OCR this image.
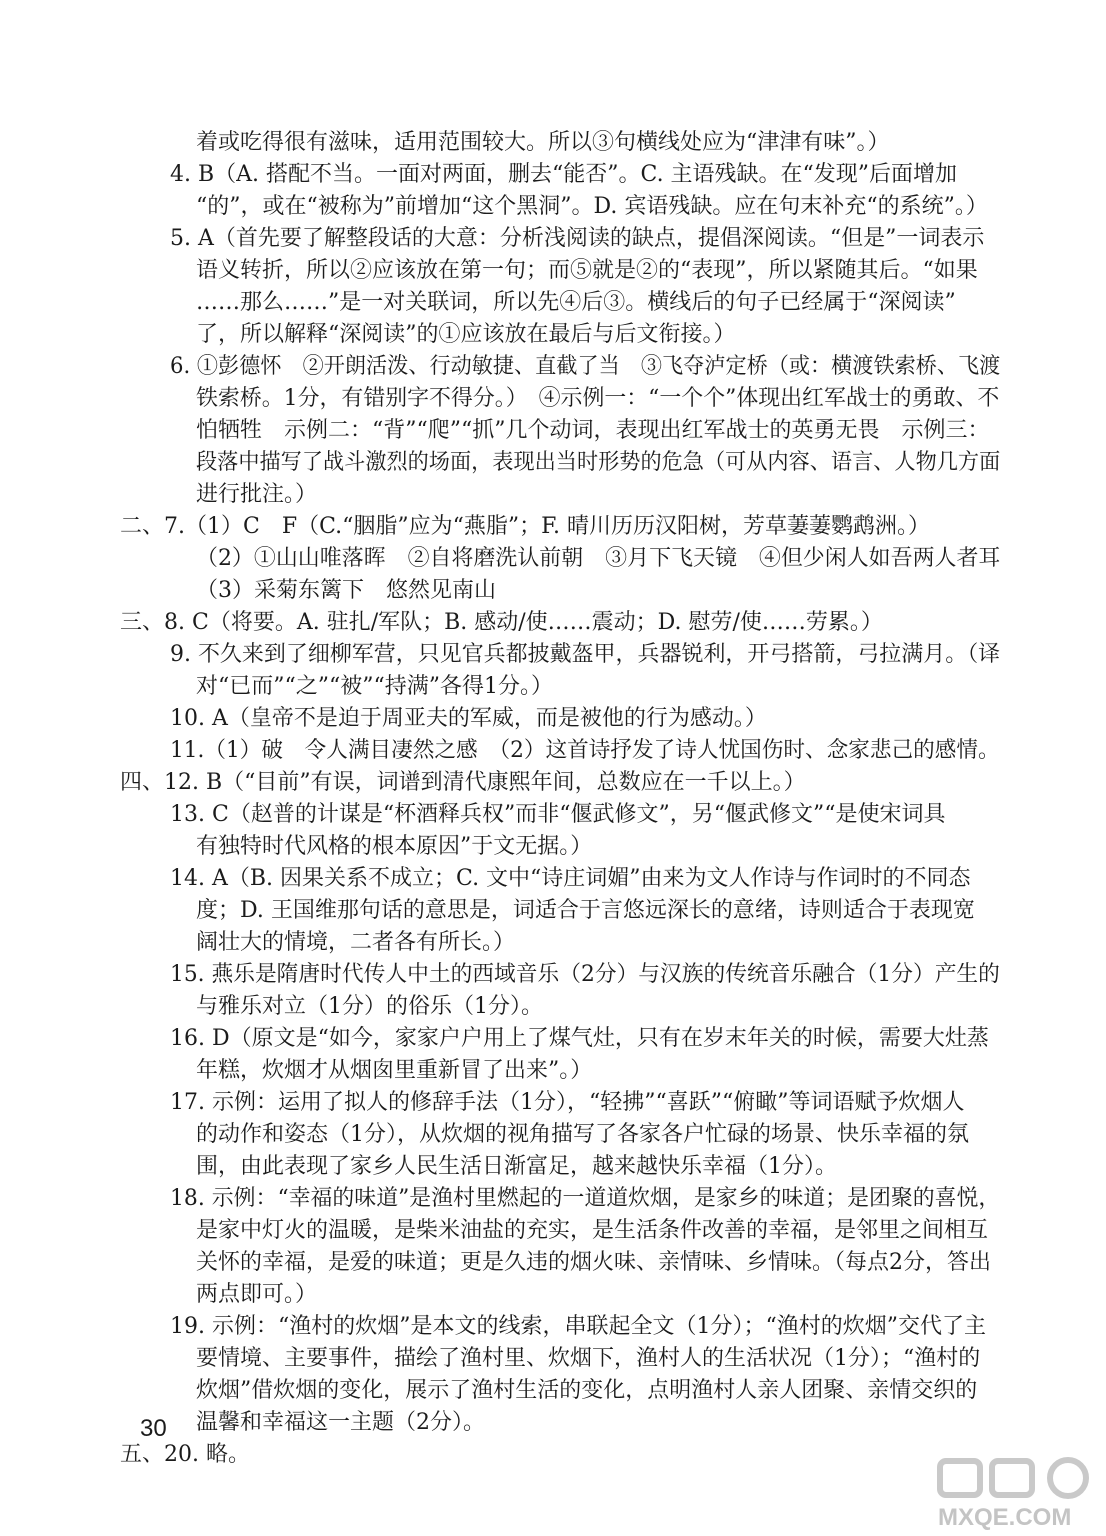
着或吃得很有滋味，适用范围较大。所以③句横线处应为“津津有味”。）
4. B（A. 搭配不当。一面对两面，删去“能否”。C. 主语残缺。在“发现”后面增加
“的”，或在“被称为”前增加“这个黑洞”。D. 宾语残缺。应在句末补充“的系统”。）
5. A（首先要了解整段话的大意：分析浅阅读的缺点，提倡深阅读。“但是”一词表示
语义转折，所以②应该放在第一句；而⑤就是②的“表现”，所以紧随其后。“如果
……那么……”是一对关联词，所以先④后③。横线后的句子已经属于“深阅读”
了，所以解释“深阅读”的①应该放在最后与后文衔接。）
6. ①彭德怀　②开朗活泼、行动敏捷、直截了当　③飞夺泸定桥（或：横渡铁索桥、飞渡
铁索桥。1分，有错别字不得分。）　④示例一：“一个个”体现出红军战士的勇敢、不
怕牺牲　示例二：“背”“爬”“抓”几个动词，表现出红军战士的英勇无畏　示例三：
段落中描写了战斗激烈的场面，表现出当时形势的危急（可从内容、语言、人物几方面
进行批注。）
二、7.（1）C　F（C.“胭脂”应为“燕脂”；F. 晴川历历汉阳树，芳草萋萋鹦鹉洲。）
（2）①山山唯落晖　②自将磨洗认前朝　③月下飞天镜　④但少闲人如吾两人者耳
（3）采菊东篱下　悠然见南山
三、8. C（将要。A. 驻扎/军队；B. 感动/使……震动；D. 慰劳/使……劳累。）
9. 不久来到了细柳军营，只见官兵都披戴盔甲，兵器锐利，开弓搭箭，弓拉满月。（译
对“已而”“之”“被”“持满”各得1分。）
10. A（皇帝不是迫于周亚夫的军威，而是被他的行为感动。）
11.（1）破　令人满目凄然之感　（2）这首诗抒发了诗人忧国伤时、念家悲己的感情。
四、12. B（“目前”有误，词谱到清代康熙年间，总数应在一千以上。）
13. C（赵普的计谋是“杯酒释兵权”而非“偃武修文”，另“偃武修文”“是使宋词具
有独特时代风格的根本原因”于文无据。）
14. A（B. 因果关系不成立；C. 文中“诗庄词媚”由来为文人作诗与作词时的不同态
度；D. 王国维那句话的意思是，词适合于言悠远深长的意绪，诗则适合于表现宽
阔壮大的情境，二者各有所长。）
15. 燕乐是隋唐时代传人中土的西域音乐（2分）与汉族的传统音乐融合（1分）产生的
与雅乐对立（1分）的俗乐（1分）。
16. D（原文是“如今，家家户户用上了煤气灶，只有在岁末年关的时候，需要大灶蒸
年糕，炊烟才从烟囱里重新冒了出来”。）
17. 示例：运用了拟人的修辞手法（1分），“轻拂”“喜跃”“俯瞰”等词语赋予炊烟人
的动作和姿态（1分），从炊烟的视角描写了各家各户忙碌的场景、快乐幸福的氛
围，由此表现了家乡人民生活日渐富足，越来越快乐幸福（1分）。
18. 示例：“幸福的味道”是渔村里燃起的一道道炊烟，是家乡的味道；是团聚的喜悦，
是家中灯火的温暖，是柴米油盐的充实，是生活条件改善的幸福，是邻里之间相互
关怀的幸福，是爱的味道；更是久违的烟火味、亲情味、乡情味。（每点2分，答出
两点即可。）
19. 示例：“渔村的炊烟”是本文的线索，串联起全文（1分）；“渔村的炊烟”交代了主
要情境、主要事件，描绘了渔村里、炊烟下，渔村人的生活状况（1分）；“渔村的
炊烟”借炊烟的变化，展示了渔村生活的变化，点明渔村人亲人团聚、亲情交织的
温馨和幸福这一主题（2分）。
五、20. 略。
30
MXQE.COM
